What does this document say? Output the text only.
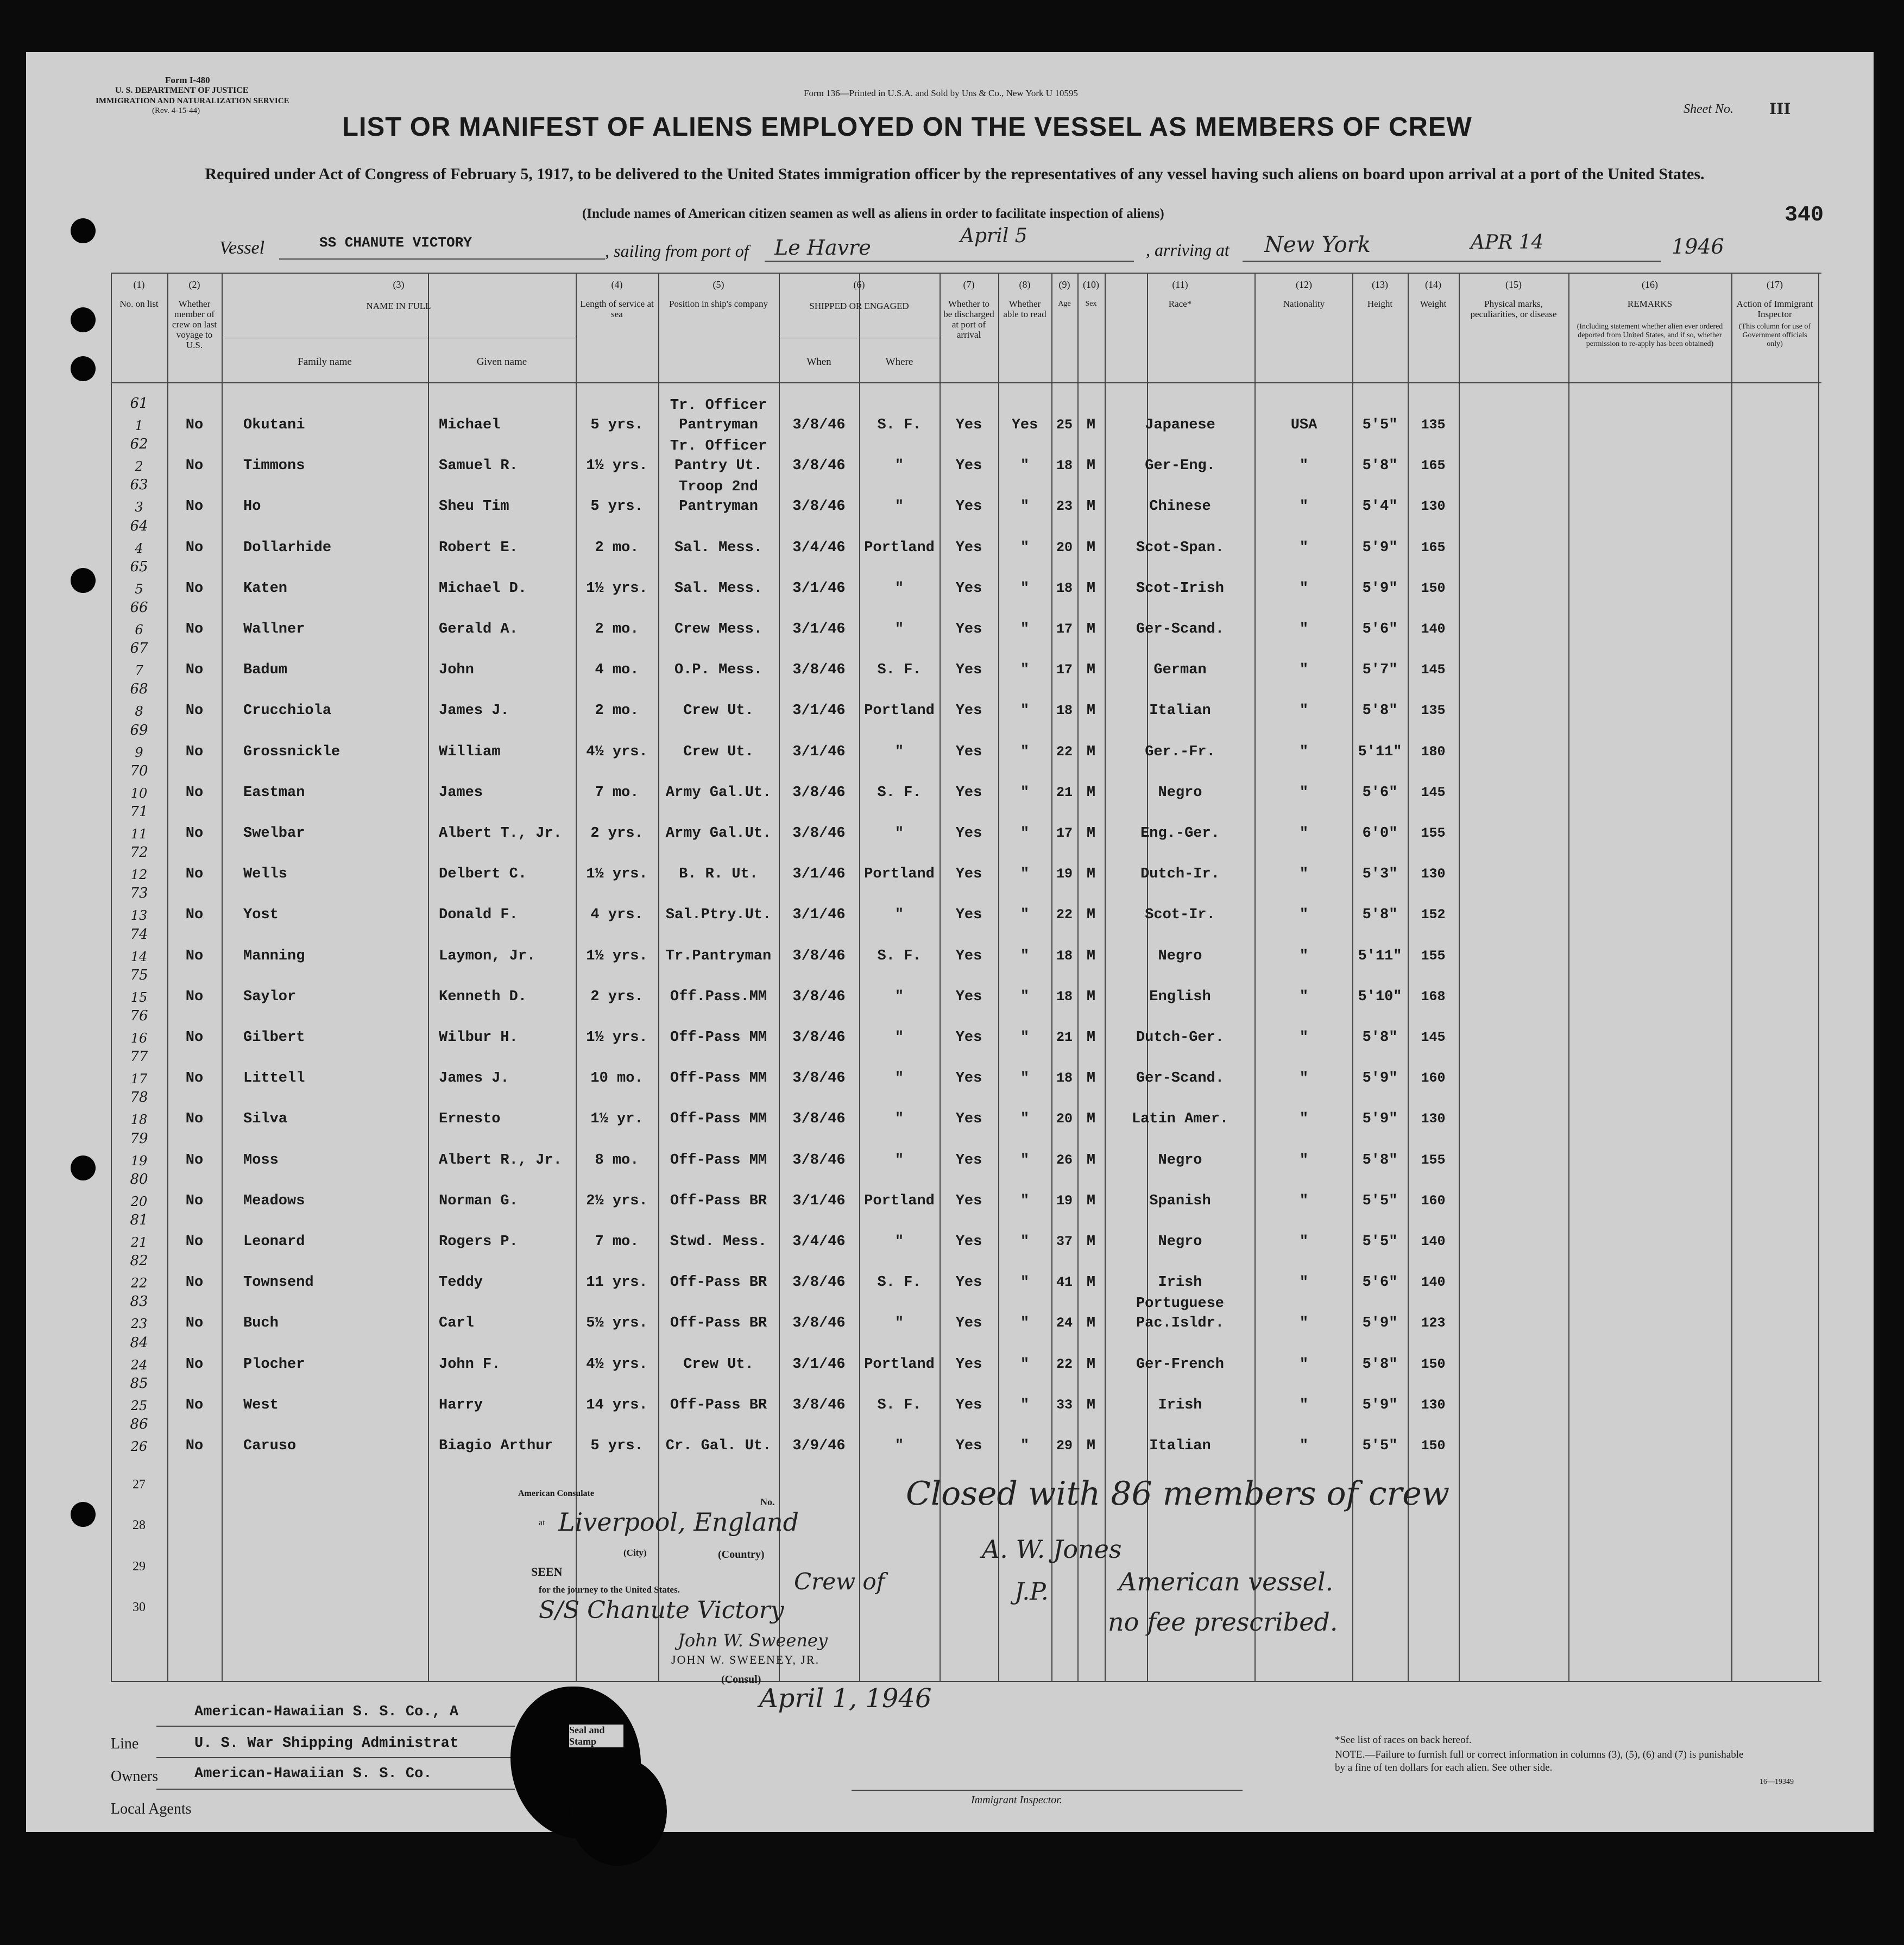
Form I-480
U. S. DEPARTMENT OF JUSTICE
IMMIGRATION AND NATURALIZATION SERVICE
(Rev. 4-15-44)
Form 136—Printed in U.S.A. and Sold by Uns & Co., New York U 10595
Sheet No. III
LIST OR MANIFEST OF ALIENS EMPLOYED ON THE VESSEL AS MEMBERS OF CREW
Required under Act of Congress of February 5, 1917, to be delivered to the United States immigration officer by the representatives of any vessel having such aliens on board upon arrival at a port of the United States.
(Include names of American citizen seamen as well as aliens in order to facilitate inspection of aliens)	340
Vessel	SS CHANUTE VICTORY	, sailing from port of Le Havre	April 5
, arriving at New York	APR 14	1946
(1)
No. on list
(2)
Whether member of crew on last voyage to U.S.
(3)
NAME IN FULL
Family name	Given name
(4)
Length of service at sea
(5)
Position in ship's company
(6)
SHIPPED OR ENGAGED
When	Where
(7)
Whether to be discharged at port of arrival
(8)
Whether able to read
(9)
Age
(10)
Sex
(11)
Race*
(12)
Nationality
(13)
Height
(14)
Weight
(15)
Physical marks, peculiarities, or disease
(16)
REMARKS
(Including statement whether alien ever ordered deported from United States, and if so, whether permission to re-apply has been obtained)
(17)
Action of Immigrant Inspector
(This column for use of Government officials only)
61
1	No	Okutani	Michael	5 yrs.
Tr. Officer
Pantryman	3/8/46	S. F.	Yes	Yes	25 M	Japanese	USA	5'5"	135
62
2	No	Timmons	Samuel R.	1½ yrs.
Tr. Officer
Pantry Ut.	3/8/46	"	Yes	"	18 M	Ger-Eng.	"	5'8"	165
63
3	No	Ho	Sheu Tim	5 yrs.
Troop 2nd
Pantryman	3/8/46	"	Yes	"	23 M	Chinese	"	5'4"	130
64
4	No	Dollarhide	Robert E.	2 mo.	Sal. Mess.	3/4/46	Portland	Yes	"	20 M	Scot-Span.	"	5'9"	165
65
5	No	Katen	Michael D.	1½ yrs.	Sal. Mess.	3/1/46	"	Yes	"	18 M	Scot-Irish	"	5'9"	150
66
6	No	Wallner	Gerald A.	2 mo.	Crew Mess.	3/1/46	"	Yes	"	17 M	Ger-Scand.	"	5'6"	140
67
7	No	Badum	John	4 mo.	O.P. Mess.	3/8/46	S. F.	Yes	"	17 M	German	"	5'7"	145
68
8	No	Crucchiola	James J.	2 mo.	Crew Ut.	3/1/46	Portland	Yes	"	18 M	Italian	"	5'8"	135
69
9	No	Grossnickle	William	4½ yrs.	Crew Ut.	3/1/46	"	Yes	"	22 M	Ger.-Fr.	"	5'11"	180
70
10	No	Eastman	James	7 mo.	Army Gal.Ut.	3/8/46	S. F.	Yes	"	21 M	Negro	"	5'6"	145
71
11	No	Swelbar	Albert T., Jr.	2 yrs.	Army Gal.Ut.	3/8/46	"	Yes	"	17 M	Eng.-Ger.	"	6'0"	155
72
12	No	Wells	Delbert C.	1½ yrs.	B. R. Ut.	3/1/46	Portland	Yes	"	19 M	Dutch-Ir.	"	5'3"	130
73
13	No	Yost	Donald F.	4 yrs.	Sal.Ptry.Ut.	3/1/46	"	Yes	"	22 M	Scot-Ir.	"	5'8"	152
74
14	No	Manning	Laymon, Jr.	1½ yrs.	Tr.Pantryman	3/8/46	S. F.	Yes	"	18 M	Negro	"	5'11"	155
75
15	No	Saylor	Kenneth D.	2 yrs.	Off.Pass.MM	3/8/46	"	Yes	"	18 M	English	"	5'10"	168
76
16	No	Gilbert	Wilbur H.	1½ yrs.	Off-Pass MM	3/8/46	"	Yes	"	21 M	Dutch-Ger.	"	5'8"	145
77
17	No	Littell	James J.	10 mo.	Off-Pass MM	3/8/46	"	Yes	"	18 M	Ger-Scand.	"	5'9"	160
78
18	No	Silva	Ernesto	1½ yr.	Off-Pass MM	3/8/46	"	Yes	"	20 M	Latin Amer.	"	5'9"	130
79
19	No	Moss	Albert R., Jr.	8 mo.	Off-Pass MM	3/8/46	"	Yes	"	26 M	Negro	"	5'8"	155
80
20	No	Meadows	Norman G.	2½ yrs.	Off-Pass BR	3/1/46	Portland	Yes	"	19 M	Spanish	"	5'5"	160
81
21	No	Leonard	Rogers P.	7 mo.	Stwd. Mess.	3/4/46	"	Yes	"	37 M	Negro	"	5'5"	140
82
22	No	Townsend	Teddy	11 yrs.	Off-Pass BR	3/8/46	S. F.	Yes	"	41 M	Irish	"	5'6"	140
83
23	No	Buch	Carl	5½ yrs.	Off-Pass BR	3/8/46	"	Yes	"	24 M
Portuguese
Pac.Isldr.	"	5'9"	123
84
24	No	Plocher	John F.	4½ yrs.	Crew Ut.	3/1/46	Portland	Yes	"	22 M	Ger-French	"	5'8"	150
85
25	No	West	Harry	14 yrs.	Off-Pass BR	3/8/46	S. F.	Yes	"	33 M	Irish	"	5'9"	130
86
26	No	Caruso	Biagio Arthur	5 yrs.	Cr. Gal. Ut.	3/9/46	"	Yes	"	29 M	Italian	"	5'5"	150
27
28
29
30
American Consulate
No.
at Liverpool, England
(City)	(Country)
SEEN
for the journey to the United States.	Crew of
S/S Chanute Victory
John W. Sweeney
JOHN W. SWEENEY, JR.
(Consul)
April 1, 1946
Closed with 86 members of crew
A. W. Jones
J.P.	American vessel.
no fee prescribed.
Line
American-Hawaiian S. S. Co., A
Owners
U. S. War Shipping Administrat
Local Agents
American-Hawaiian S. S. Co.
Seal and Stamp
Immigrant Inspector.
*See list of races on back hereof.
NOTE.—Failure to furnish full or correct information in columns (3), (5), (6) and (7) is punishable by a fine of ten dollars for each alien. See other side.
16—19349
